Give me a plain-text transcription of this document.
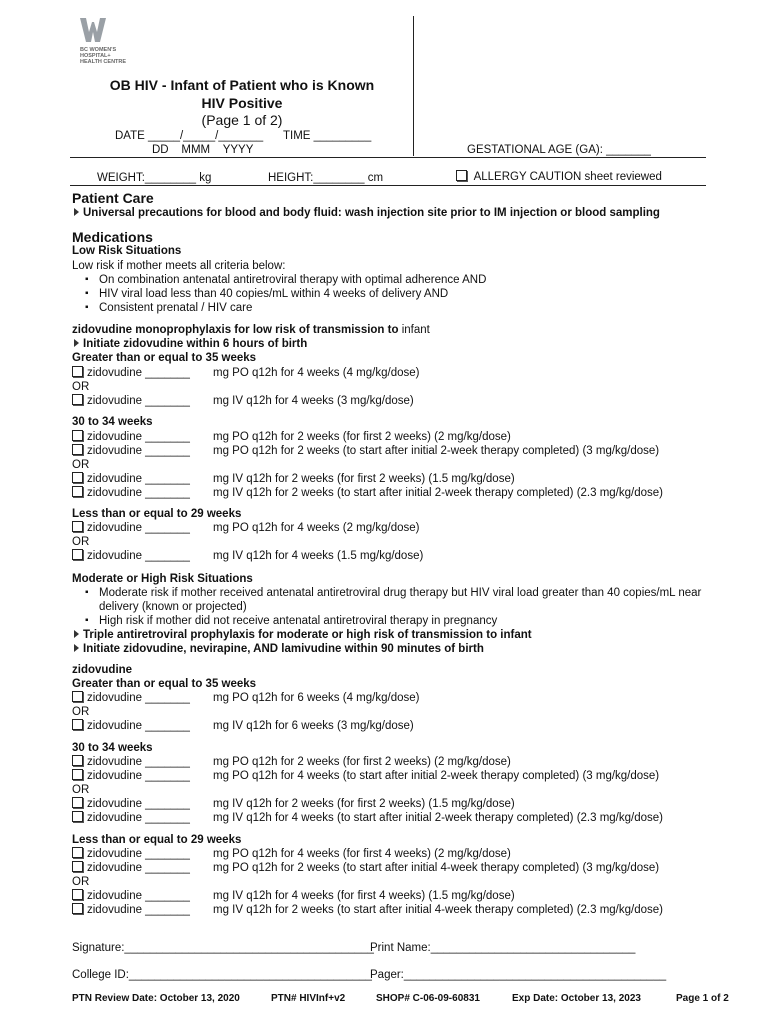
BC WOMEN'S
HOSPITAL+
HEALTH CENTRE
OB HIV - Infant of Patient who is Known
HIV Positive
(Page 1 of 2)
DATE _____/_____/_______ TIME _________
DD    MMM    YYYY	GESTATIONAL AGE (GA): _______
WEIGHT:________ kg	HEIGHT:________ cm	ALLERGY CAUTION sheet reviewed
Patient Care
Universal precautions for blood and body fluid: wash injection site prior to IM injection or blood sampling
Medications
Low Risk Situations
Low risk if mother meets all criteria below:
▪ On combination antenatal antiretroviral therapy with optimal adherence AND
▪ HIV viral load less than 40 copies/mL within 4 weeks of delivery AND
▪ Consistent prenatal / HIV care
zidovudine monoprophylaxis for low risk of transmission to infant
Initiate zidovudine within 6 hours of birth
Greater than or equal to 35 weeks
zidovudine _______ mg PO q12h for 4 weeks (4 mg/kg/dose)
OR
zidovudine _______ mg IV q12h for 4 weeks (3 mg/kg/dose)
30 to 34 weeks
zidovudine _______ mg PO q12h for 2 weeks (for first 2 weeks) (2 mg/kg/dose)
zidovudine _______ mg PO q12h for 2 weeks (to start after initial 2-week therapy completed) (3 mg/kg/dose)
OR
zidovudine _______ mg IV q12h for 2 weeks (for first 2 weeks) (1.5 mg/kg/dose)
zidovudine _______ mg IV q12h for 2 weeks (to start after initial 2-week therapy completed) (2.3 mg/kg/dose)
Less than or equal to 29 weeks
zidovudine _______ mg PO q12h for 4 weeks (2 mg/kg/dose)
OR
zidovudine _______ mg IV q12h for 4 weeks (1.5 mg/kg/dose)
Moderate or High Risk Situations
▪ Moderate risk if mother received antenatal antiretroviral drug therapy but HIV viral load greater than 40 copies/mL near
delivery (known or projected)
▪ High risk if mother did not receive antenatal antiretroviral therapy in pregnancy
Triple antiretroviral prophylaxis for moderate or high risk of transmission to infant
Initiate zidovudine, nevirapine, AND lamivudine within 90 minutes of birth
zidovudine
Greater than or equal to 35 weeks
zidovudine _______ mg PO q12h for 6 weeks (4 mg/kg/dose)
OR
zidovudine _______ mg IV q12h for 6 weeks (3 mg/kg/dose)
30 to 34 weeks
zidovudine _______ mg PO q12h for 2 weeks (for first 2 weeks) (2 mg/kg/dose)
zidovudine _______ mg PO q12h for 4 weeks (to start after initial 2-week therapy completed) (3 mg/kg/dose)
OR
zidovudine _______ mg IV q12h for 2 weeks (for first 2 weeks) (1.5 mg/kg/dose)
zidovudine _______ mg IV q12h for 4 weeks (to start after initial 2-week therapy completed) (2.3 mg/kg/dose)
Less than or equal to 29 weeks
zidovudine _______ mg PO q12h for 4 weeks (for first 4 weeks) (2 mg/kg/dose)
zidovudine _______ mg PO q12h for 2 weeks (to start after initial 4-week therapy completed) (3 mg/kg/dose)
OR
zidovudine _______ mg IV q12h for 4 weeks (for first 4 weeks) (1.5 mg/kg/dose)
zidovudine _______ mg IV q12h for 2 weeks (to start after initial 4-week therapy completed) (2.3 mg/kg/dose)
Signature:_______________________________________
Print Name:________________________________
College ID:______________________________________
Pager:_________________________________________
PTN Review Date: October 13, 2020	PTN# HIVInf+v2	SHOP# C-06-09-60831	Exp Date: October 13, 2023	Page 1 of 2
